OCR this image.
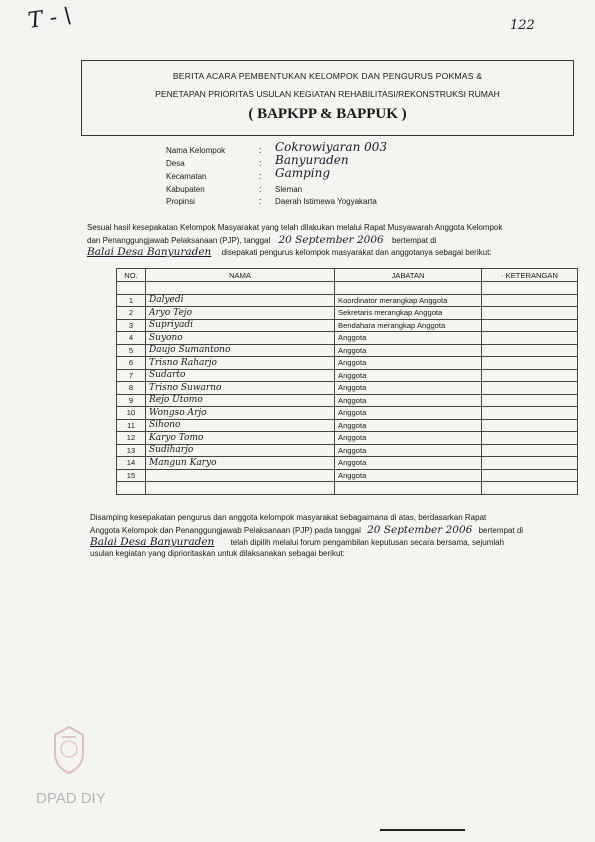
T - \	122
BERITA ACARA PEMBENTUKAN KELOMPOK DAN PENGURUS POKMAS &
PENETAPAN PRIORITAS USULAN KEGIATAN REHABILITASI/REKONSTRUKSI RUMAH
( BAPKPP & BAPPUK )
Nama Kelompok	: Cokrowiyaran 003
Desa	: Banyuraden
Kecamatan	: Gamping
Kabupaten	: Sleman
Propinsi	: Daerah Istimewa Yogyakarta
Sesuai hasil kesepakatan Kelompok Masyarakat yang telah dilakukan melalui Rapat Musyawarah Anggota Kelompok
dan Penanggungjawab Pelaksanaan (PJP), tanggal 20 September 2006 bertempat di
Balai Desa Banyuraden disepakati pengurus kelompok masyarakat dan anggotanya sebagai berikut:
NO.	NAMA	JABATAN	· KETERANGAN

1	Dalyedi	Koordinator merangkap Anggota	
2	Aryo Tejo	Sekretaris merangkap Anggota	
3	Supriyadi	Bendahara merangkap Anggota	
4	Suyono	Anggota	
5	Daujo Sumantono	Anggota	
6	Trisno Raharjo	Anggota	
7	Sudarto	Anggota	
8	Trisno Suwarno	Anggota	
9	Rejo Utomo	Anggota	
10	Wongso Arjo	Anggota	
11	Sihono	Anggota	
12	Karyo Tomo	Anggota	
13	Sudiharjo	Anggota	
14	Mangun Karyo	Anggota	
15		Anggota	

Disamping kesepakatan pengurus dan anggota kelompok masyarakat sebagaimana di atas, berdasarkan Rapat
Anggota Kelompok dan Penanggungjawab Pelaksanaan (PJP) pada tanggal 20 September 2006 bertempat di
Balai Desa Banyuraden telah dipilih melalui forum pengambilan keputusan secara bersama, sejumlah
usulan kegiatan yang diprioritaskan untuk dilaksanakan sebagai berikut:
DPAD DIY
